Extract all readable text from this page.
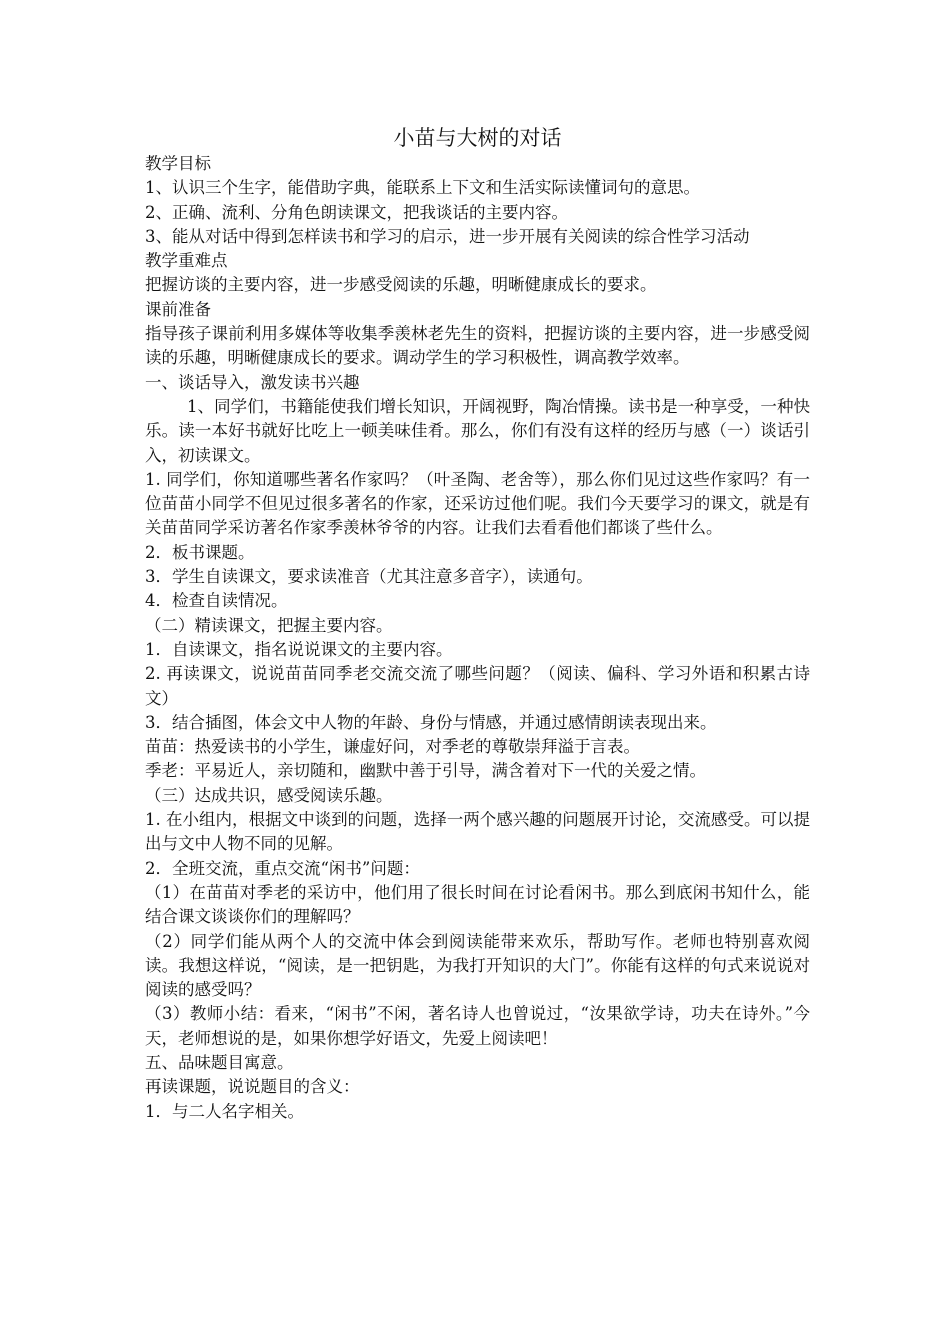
小苗与大树的对话

教学目标

1、认识三个生字，能借助字典，能联系上下文和生活实际读懂词句的意思。

2、正确、流利、分角色朗读课文，把我谈话的主要内容。

3、能从对话中得到怎样读书和学习的启示，进一步开展有关阅读的综合性学习活动

教学重难点

把握访谈的主要内容，进一步感受阅读的乐趣，明晰健康成长的要求。

课前准备

指导孩子课前利用多媒体等收集季羡林老先生的资料，把握访谈的主要内容，进一步感受阅读的乐趣，明晰健康成长的要求。调动学生的学习积极性，调高教学效率。

一、谈话导入，激发读书兴趣

1、同学们，书籍能使我们增长知识，开阔视野，陶冶情操。读书是一种享受，一种快乐。读一本好书就好比吃上一顿美味佳肴。那么，你们有没有这样的经历与感（一）谈话引入，初读课文。

1. 同学们，你知道哪些著名作家吗？（叶圣陶、老舍等），那么你们见过这些作家吗？有一位苗苗小同学不但见过很多著名的作家，还采访过他们呢。我们今天要学习的课文，就是有关苗苗同学采访著名作家季羡林爷爷的内容。让我们去看看他们都谈了些什么。

2．板书课题。

3．学生自读课文，要求读准音（尤其注意多音字），读通句。

4．检查自读情况。

（二）精读课文，把握主要内容。

1．自读课文，指名说说课文的主要内容。

2. 再读课文，说说苗苗同季老交流交流了哪些问题？（阅读、偏科、学习外语和积累古诗文）

3．结合插图，体会文中人物的年龄、身份与情感，并通过感情朗读表现出来。

苗苗：热爱读书的小学生，谦虚好问，对季老的尊敬崇拜溢于言表。

季老：平易近人，亲切随和，幽默中善于引导，满含着对下一代的关爱之情。

（三）达成共识，感受阅读乐趣。

1. 在小组内，根据文中谈到的问题，选择一两个感兴趣的问题展开讨论，交流感受。可以提出与文中人物不同的见解。

2．全班交流，重点交流“闲书”问题：

（1）在苗苗对季老的采访中，他们用了很长时间在讨论看闲书。那么到底闲书知什么，能结合课文谈谈你们的理解吗？

（2）同学们能从两个人的交流中体会到阅读能带来欢乐，帮助写作。老师也特别喜欢阅读。我想这样说，“阅读，是一把钥匙，为我打开知识的大门”。你能有这样的句式来说说对阅读的感受吗？

（3）教师小结：看来，“闲书”不闲，著名诗人也曾说过，“汝果欲学诗，功夫在诗外。”今天，老师想说的是，如果你想学好语文，先爱上阅读吧！

五、品味题目寓意。

再读课题，说说题目的含义：

1．与二人名字相关。
